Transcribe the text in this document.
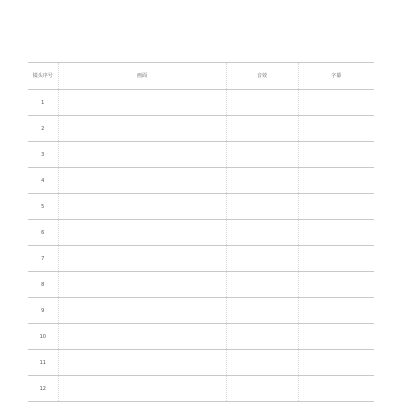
镜头序号	画面	音效	字幕
1			
2			
3			
4			
5			
6			
7			
8			
9			
10			
11			
12			
